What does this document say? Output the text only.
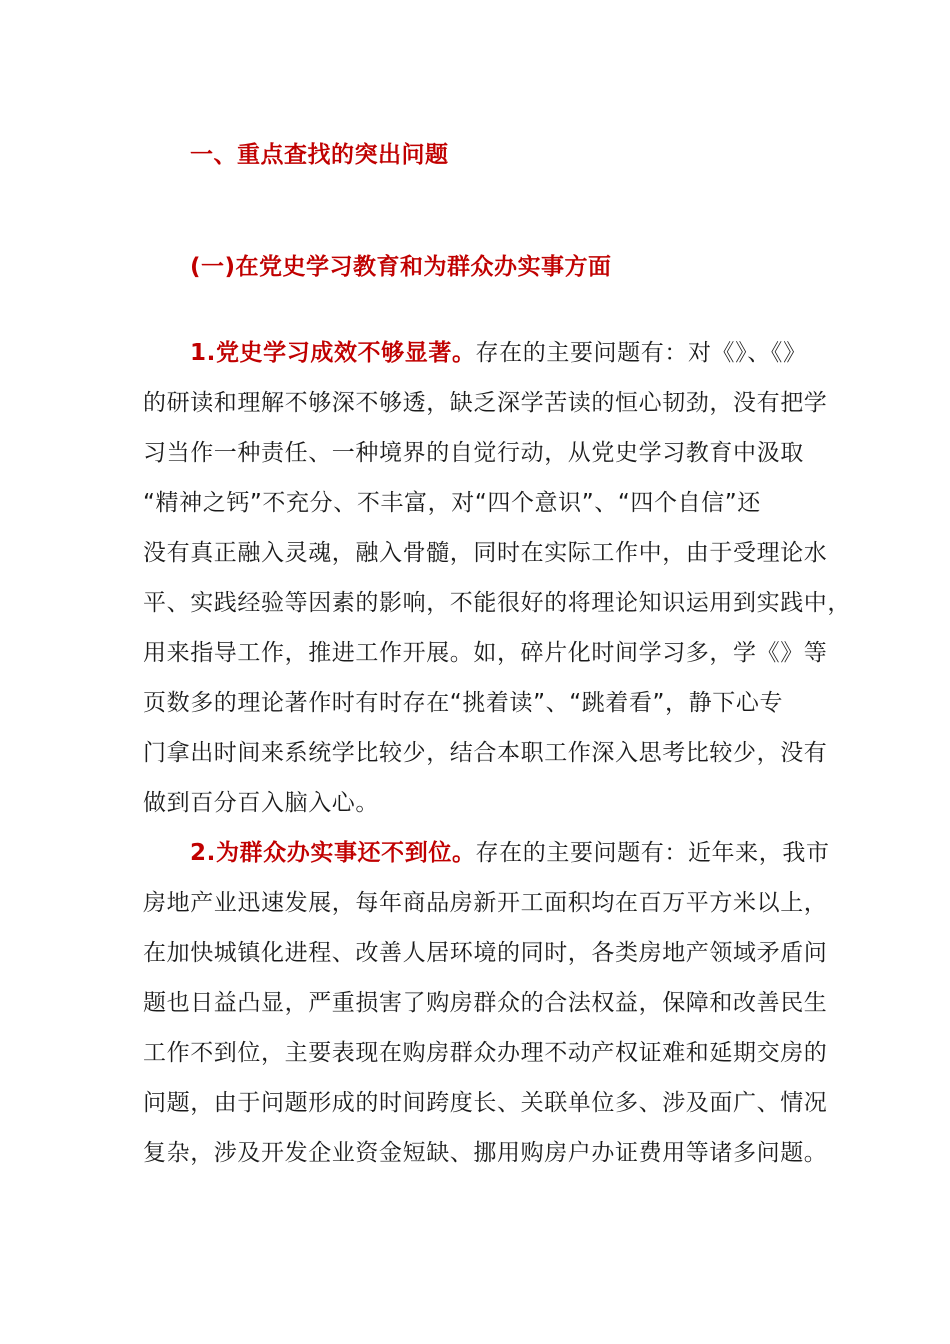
一、重点查找的突出问题
(一)在党史学习教育和为群众办实事方面
1.党史学习成效不够显著。存在的主要问题有：对《》、《》
的研读和理解不够深不够透，缺乏深学苦读的恒心韧劲，没有把学
习当作一种责任、一种境界的自觉行动，从党史学习教育中汲取
“精神之钙”不充分、不丰富，对“四个意识”、“四个自信”还
没有真正融入灵魂，融入骨髓，同时在实际工作中，由于受理论水
平、实践经验等因素的影响，不能很好的将理论知识运用到实践中，
用来指导工作，推进工作开展。如，碎片化时间学习多，学《》等
页数多的理论著作时有时存在“挑着读”、“跳着看”，静下心专
门拿出时间来系统学比较少，结合本职工作深入思考比较少，没有
做到百分百入脑入心。
2.为群众办实事还不到位。存在的主要问题有：近年来，我市
房地产业迅速发展，每年商品房新开工面积均在百万平方米以上，
在加快城镇化进程、改善人居环境的同时，各类房地产领域矛盾问
题也日益凸显，严重损害了购房群众的合法权益，保障和改善民生
工作不到位，主要表现在购房群众办理不动产权证难和延期交房的
问题，由于问题形成的时间跨度长、关联单位多、涉及面广、情况
复杂，涉及开发企业资金短缺、挪用购房户办证费用等诸多问题。
